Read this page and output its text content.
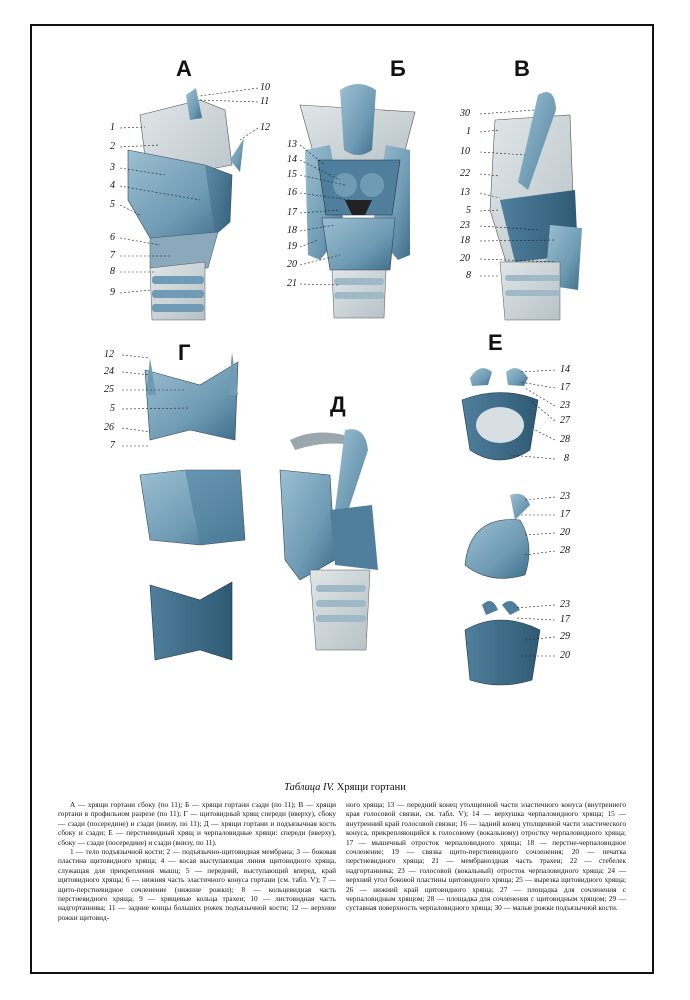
А	Б	В
Г
Д
Е
1
2
3
4
5
6
7
8
9
10
11
12
13
14
15
16
17
18
19
20
21
30
1
10
22
13
5
23
18
20
8
12
24
25
5
26
7
14
17
23
27
28
8
23
17
20
28
23
17
29
20
Таблица IV. Хрящи гортани

А — хрящи гортани сбоку (по 11); Б — хрящи гортани сзади (по 11); В — хрящи гортани в профильном разрезе (по 11); Г — щитовидный хрящ спереди (вверху), сбоку — сзади (посередине) и сзади (внизу, по 11); Д — хрящи гортани и подъязычная кость сбоку и сзади; Е — перстневидный хрящ и черпаловидные хрящи: спереди (вверху), сбоку — сзади (посередине) и сзади (внизу, по 11).

1 — тело подъязычной кости; 2 — подъязычно-щитовидная мембрана; 3 — боковая пластина щитовидного хряща; 4 — косая выступающая линия щитовидного хряща, служащая для прикрепления мышц; 5 — передний, выступающий вперед, край щитовидного хряща; 6 — нижняя часть эластичного конуса гортани (см. табл. V); 7 — щито-перстневидное сочленение (нижние рожки); 8 — кольцевидная часть перстневидного хряща; 9 — хрящевые кольца трахеи; 10 — листовидная часть надгортанника; 11 — задние концы больших рожек подъязычной кости; 12 — верхние рожки щитовид-

ного хряща; 13 — передний конец утолщенной части эластичного конуса (внутреннего края голосовой связки, см. табл. V); 14 — верхушка черпаловидного хряща; 15 — внутренний край голосовой связки; 16 — задний конец утолщенной части эластического конуса, прикрепляющийся к голосовому (вокальному) отростку черпаловидного хряща; 17 — мышечный отросток черпаловидного хряща; 18 — перстне-черпаловидное сочленение; 19 — связка щито-перстневидного сочленения; 20 — печатка перстневидного хряща; 21 — мембраноздная часть трахеи; 22 — стебелек надгортанника; 23 — голосовой (вокальный) отросток черпаловидного хряща; 24 — верхний угол боковой пластины щитовидного хряща; 25 — вырезка щитовидного хряща; 26 — нижний край щитовидного хряща; 27 — площадка для сочленения с черпаловидным хрящом; 28 — площадка для сочленения с щитовидным хрящом; 29 — суставная поверхность черпаловидного хряща; 30 — малые рожки подъязычной кости.
